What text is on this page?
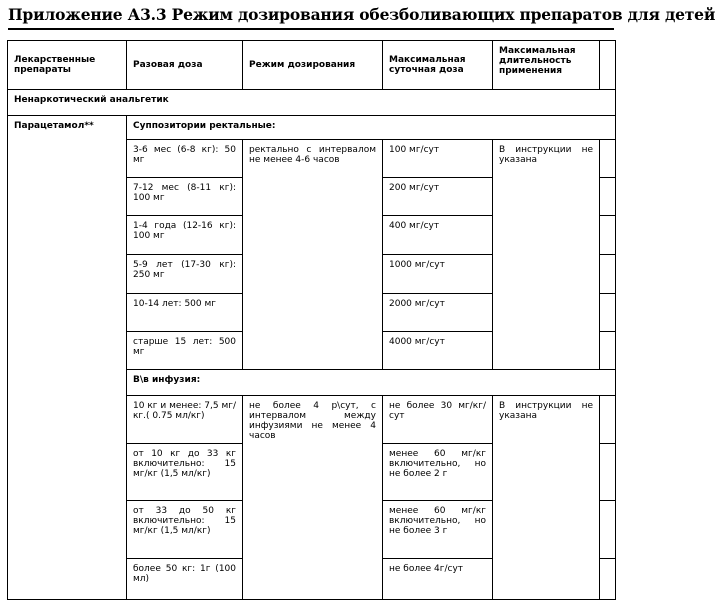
Приложение А3.3 Режим дозирования обезболивающих препаратов для детей
Лекарственные препараты	Разовая доза	Режим дозирования	Максимальная суточная доза	Максимальная длительность применения	
Ненаркотический анальгетик					
Парацетамол**	Суппозитории ректальные:				
	3-6 мес (6-8 кг): 50 мг	ректально с интервалом не менее 4-6 часов	100 мг/сут	В инструкции не указана	
	7-12 мес (8-11 кг): 100 мг		200 мг/сут		
	1-4 года (12-16 кг): 100 мг		400 мг/сут		
	5-9 лет (17-30 кг): 250 мг		1000 мг/сут		
	10-14 лет: 500 мг		2000 мг/сут		
	старше 15 лет: 500 мг		4000 мг/сут		
	В\в инфузия:				
	10 кг и менее: 7,5 мг/кг.( 0.75 мл/кг)	не более 4 р\сут, с интервалом между инфузиями не менее 4 часов	не более 30 мг/кг/сут	В инструкции не указана	
	от 10 кг до 33 кг включительно: 15 мг/кг (1,5 мл/кг)		менее 60 мг/кг включительно, но не более 2 г		
	от 33 до 50 кг включительно: 15 мг/кг (1,5 мл/кг)		менее 60 мг/кг включительно, но не более 3 г		
	более 50 кг: 1г (100 мл)		не более 4г/сут		
